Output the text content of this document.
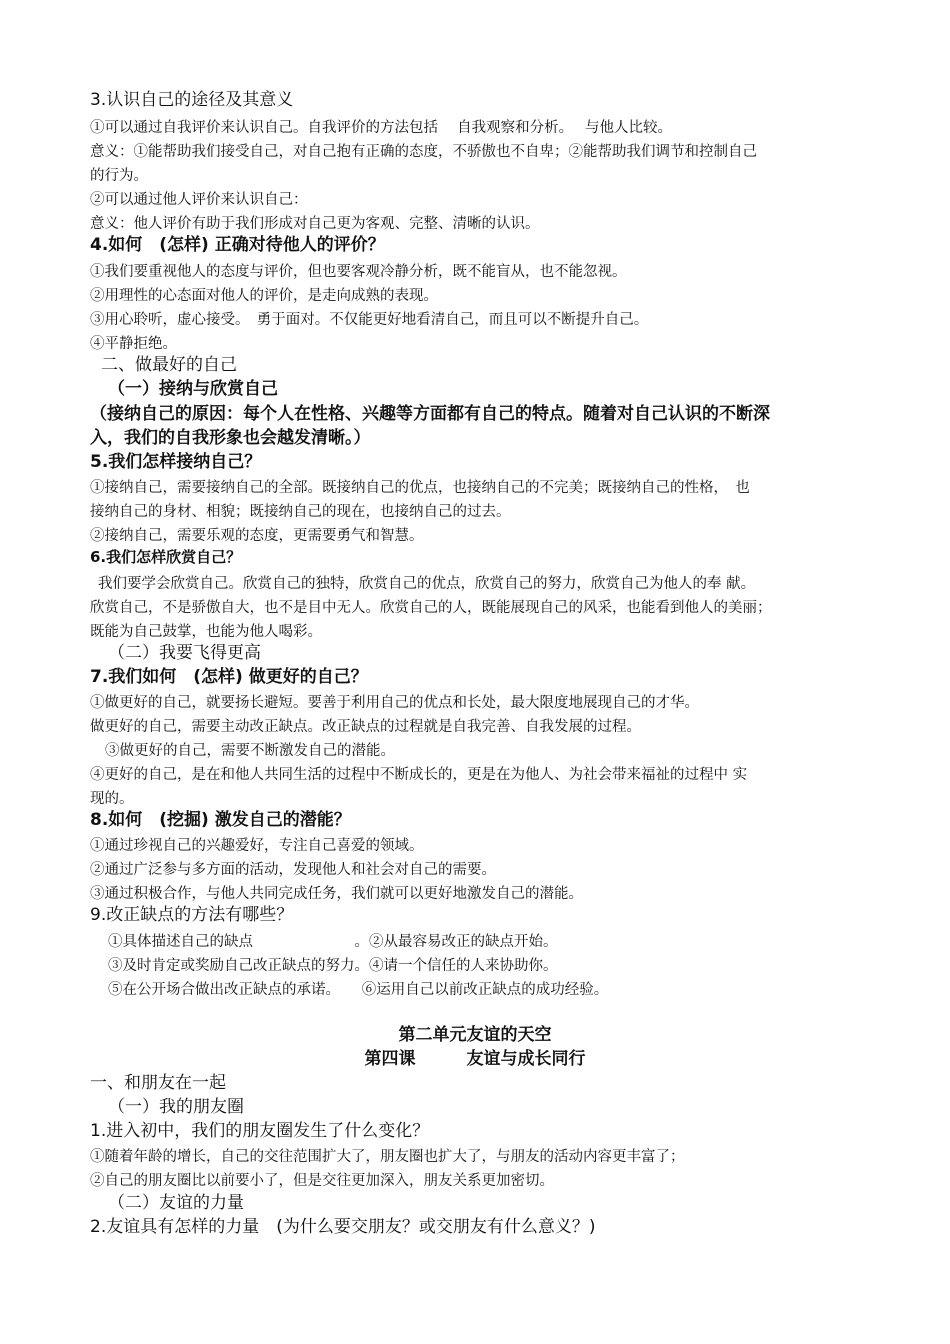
3.认识自己的途径及其意义
①可以通过自我评价来认识自己。自我评价的方法包括　 自我观察和分析。　 与他人比较。
意义：①能帮助我们接受自己，对自己抱有正确的态度，不骄傲也不自卑；②能帮助我们调节和控制自己
的行为。
②可以通过他人评价来认识自己：
意义：他人评价有助于我们形成对自己更为客观、完整、清晰的认识。
4.如何　(怎样) 正确对待他人的评价？
①我们要重视他人的态度与评价，但也要客观冷静分析，既不能盲从，也不能忽视。
②用理性的心态面对他人的评价，是走向成熟的表现。
③用心聆听，虚心接受。　勇于面对。不仅能更好地看清自己，而且可以不断提升自己。
④平静拒绝。
二、做最好的自己
（一）接纳与欣赏自己
（接纳自己的原因：每个人在性格、兴趣等方面都有自己的特点。随着对自己认识的不断深
入，我们的自我形象也会越发清晰。）
5.我们怎样接纳自己？
①接纳自己，需要接纳自己的全部。既接纳自己的优点，也接纳自己的不完美；既接纳自己的性格，　也
接纳自己的身材、相貌；既接纳自己的现在，也接纳自己的过去。
②接纳自己，需要乐观的态度，更需要勇气和智慧。
6.我们怎样欣赏自己？
我们要学会欣赏自己。欣赏自己的独特，欣赏自己的优点，欣赏自己的努力，欣赏自己为他人的奉 献。
欣赏自己，不是骄傲自大，也不是目中无人。欣赏自己的人，既能展现自己的风采，也能看到他人的美丽；
既能为自己鼓掌，也能为他人喝彩。
（二）我要飞得更高
7.我们如何　(怎样) 做更好的自己？
①做更好的自己，就要扬长避短。要善于利用自己的优点和长处，最大限度地展现自己的才华。
做更好的自己，需要主动改正缺点。改正缺点的过程就是自我完善、自我发展的过程。
③做更好的自己，需要不断激发自己的潜能。
④更好的自己，是在和他人共同生活的过程中不断成长的，更是在为他人、为社会带来福祉的过程中 实
现的。
8.如何　(挖掘) 激发自己的潜能？
①通过珍视自己的兴趣爱好，专注自己喜爱的领域。
②通过广泛参与多方面的活动，发现他人和社会对自己的需要。
③通过积极合作，与他人共同完成任务，我们就可以更好地激发自己的潜能。
9.改正缺点的方法有哪些？
①具体描述自己的缺点　　　　　　　。②从最容易改正的缺点开始。
③及时肯定或奖励自己改正缺点的努力。④请一个信任的人来协助你。
⑤在公开场合做出改正缺点的承诺。　　⑥运用自己以前改正缺点的成功经验。
第二单元友谊的天空
第四课　　　友谊与成长同行
一、和朋友在一起
（一）我的朋友圈
1.进入初中，我们的朋友圈发生了什么变化？
①随着年龄的增长，自己的交往范围扩大了，朋友圈也扩大了，与朋友的活动内容更丰富了；
②自己的朋友圈比以前要小了，但是交往更加深入，朋友关系更加密切。
（二）友谊的力量
2.友谊具有怎样的力量　(为什么要交朋友？或交朋友有什么意义？)
